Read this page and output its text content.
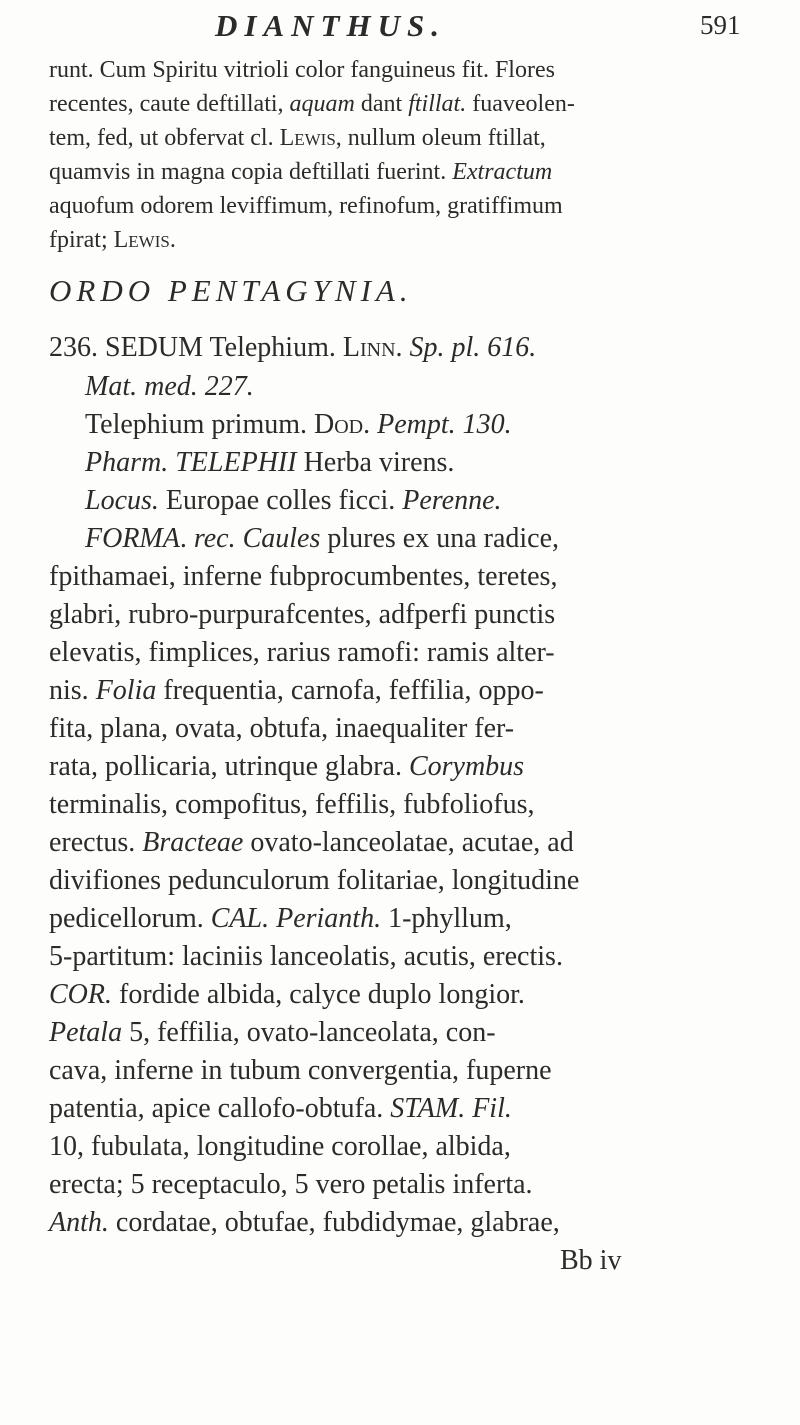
DIANTHUS.	591
runt. Cum Spiritu vitrioli color fanguineus fit. Flores
recentes, caute deftillati, aquam dant ftillat. fuaveolen-
tem, fed, ut obfervat cl. Lewis, nullum oleum ftillat,
quamvis in magna copia deftillati fuerint. Extractum
aquofum odorem leviffimum, refinofum, gratiffimum
fpirat; Lewis.
ORDO PENTAGYNIA.
236. SEDUM Telephium. Linn. Sp. pl. 616.
Mat. med. 227.
Telephium primum. Dod. Pempt. 130.
Pharm. TELEPHII Herba virens.
Locus. Europae colles ficci. Perenne.
FORMA. rec. Caules plures ex una radice,
fpithamaei, inferne fubprocumbentes, teretes,
glabri, rubro-purpurafcentes, adfperfi punctis
elevatis, fimplices, rarius ramofi: ramis alter-
nis. Folia frequentia, carnofa, feffilia, oppo-
fita, plana, ovata, obtufa, inaequaliter fer-
rata, pollicaria, utrinque glabra. Corymbus
terminalis, compofitus, feffilis, fubfoliofus,
erectus. Bracteae ovato-lanceolatae, acutae, ad
divifiones pedunculorum folitariae, longitudine
pedicellorum. CAL. Perianth. 1-phyllum,
5-partitum: laciniis lanceolatis, acutis, erectis.
COR. fordide albida, calyce duplo longior.
Petala 5, feffilia, ovato-lanceolata, con-
cava, inferne in tubum convergentia, fuperne
patentia, apice callofo-obtufa. STAM. Fil.
10, fubulata, longitudine corollae, albida,
erecta; 5 receptaculo, 5 vero petalis inferta.
Anth. cordatae, obtufae, fubdidymae, glabrae,
Bb iv
